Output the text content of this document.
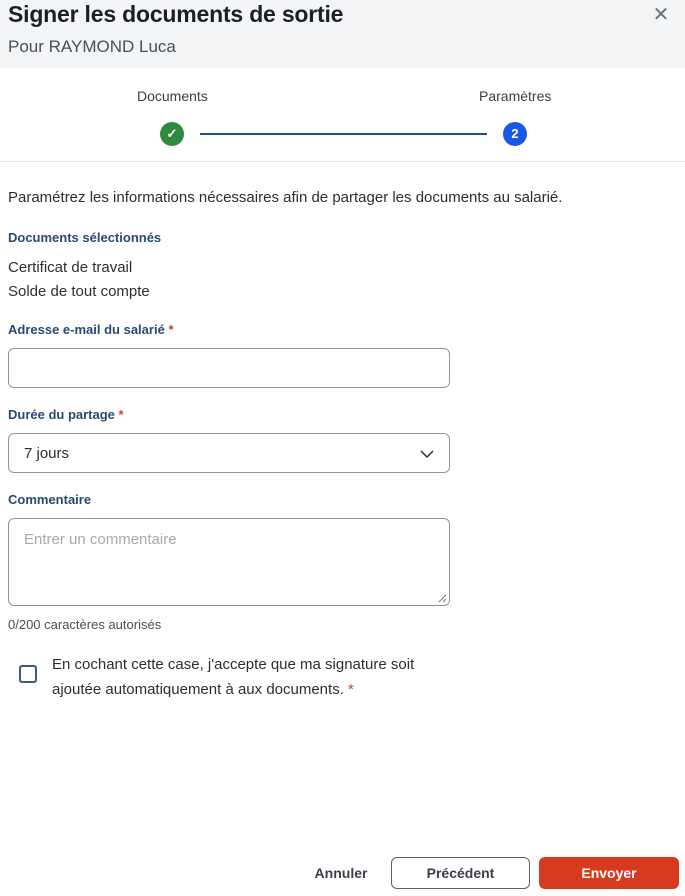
Signer les documents de sortie
Pour RAYMOND Luca
✕
Documents	Paramètres
✓	2
Paramétrez les informations nécessaires afin de partager les documents au salarié.
Documents sélectionnés
Certificat de travail
Solde de tout compte
Adresse e-mail du salarié *
Durée du partage *
7 jours
Commentaire
Entrer un commentaire
0/200 caractères autorisés
En cochant cette case, j'accepte que ma signature soit ajoutée automatiquement à aux documents. *
Annuler	Précédent	Envoyer
